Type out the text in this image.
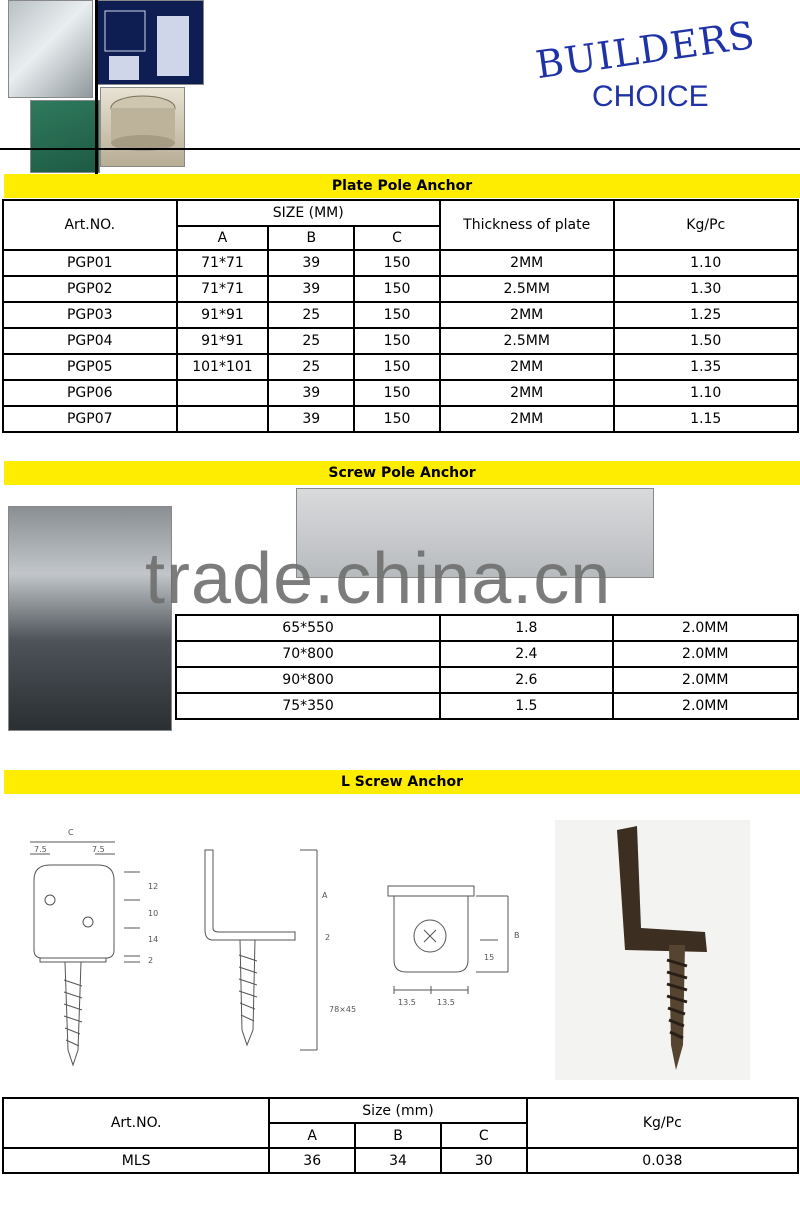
BUILDERS
CHOICE
Plate Pole Anchor
Art.NO.	SIZE (MM)			Thickness of plate	Kg/Pc
	A	B	C		
PGP01	71*71	39	150	2MM	1.10
PGP02	71*71	39	150	2.5MM	1.30
PGP03	91*91	25	150	2MM	1.25
PGP04	91*91	25	150	2.5MM	1.50
PGP05	101*101	25	150	2MM	1.35
PGP06		39	150	2MM	1.10
PGP07		39	150	2MM	1.15
Screw Pole Anchor
65*550	1.8	2.0MM
70*800	2.4	2.0MM
90*800	2.6	2.0MM
75*350	1.5	2.0MM
trade.china.cn
L Screw Anchor
C
7.5	7.5
12
10
14
2
A
2
78×45
B
15
13.5	13.5
Art.NO.	Size (mm)			Kg/Pc
	A	B	C	
MLS	36	34	30	0.038
